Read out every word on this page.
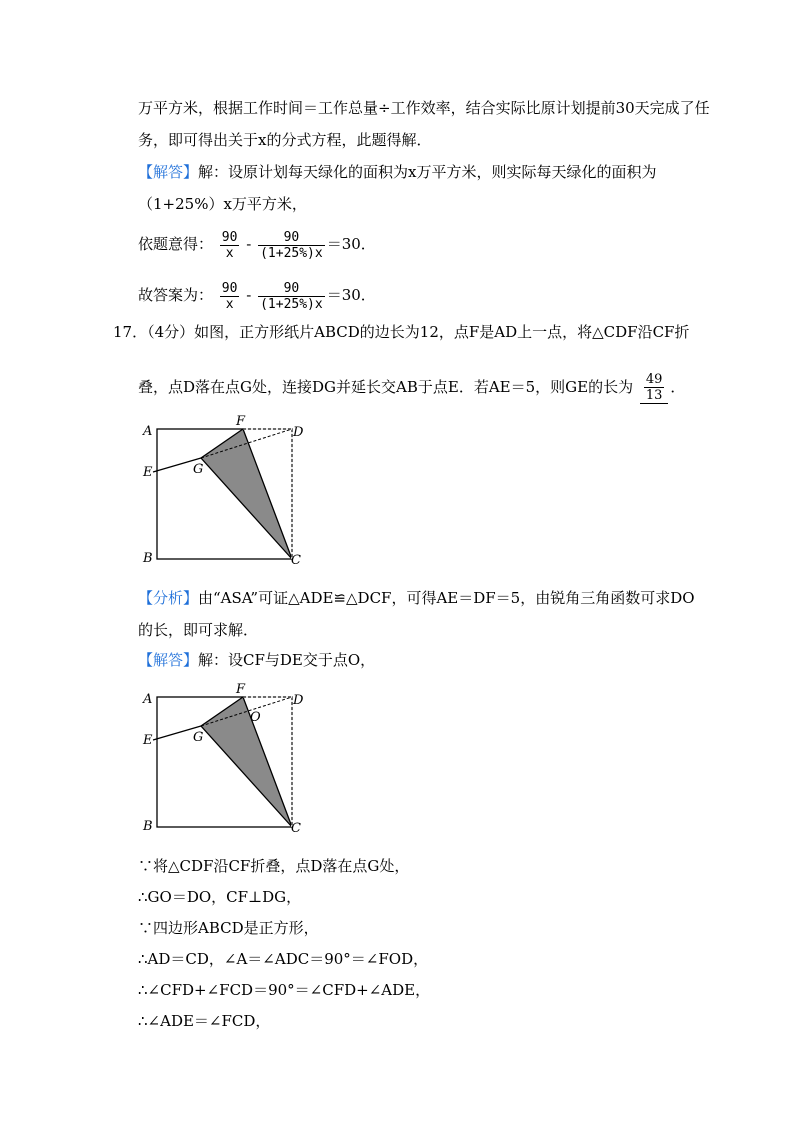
万平方米，根据工作时间＝工作总量÷工作效率，结合实际比原计划提前30天完成了任
务，即可得出关于x的分式方程，此题得解．
【解答】解：设原计划每天绿化的面积为x万平方米，则实际每天绿化的面积为
（1+25%）x万平方米，
依题意得： $\frac{90}{x} - \frac{90}{(1+25\%)x} =30$．
故答案为： $\frac{90}{x} - \frac{90}{(1+25\%)x} =30$．
17．（4分）如图，正方形纸片ABCD的边长为12，点F是AD上一点，将△CDF沿CF折
叠，点D落在点G处，连接DG并延长交AB于点E．若AE＝5，则GE的长为 $\frac{49}{13}$ ．
A
B	C
D
E
F
G
【分析】由“ASA”可证△ADE≌△DCF，可得AE＝DF＝5，由锐角三角函数可求DO
的长，即可求解．
【解答】解：设CF与DE交于点O，
A
B	C
D
E
F
G
O
∵将△CDF沿CF折叠，点D落在点G处，
∴GO＝DO，CF⊥DG，
∵四边形ABCD是正方形，
∴AD＝CD，∠A＝∠ADC＝90°＝∠FOD，
∴∠CFD+∠FCD＝90°＝∠CFD+∠ADE，
∴∠ADE＝∠FCD，
